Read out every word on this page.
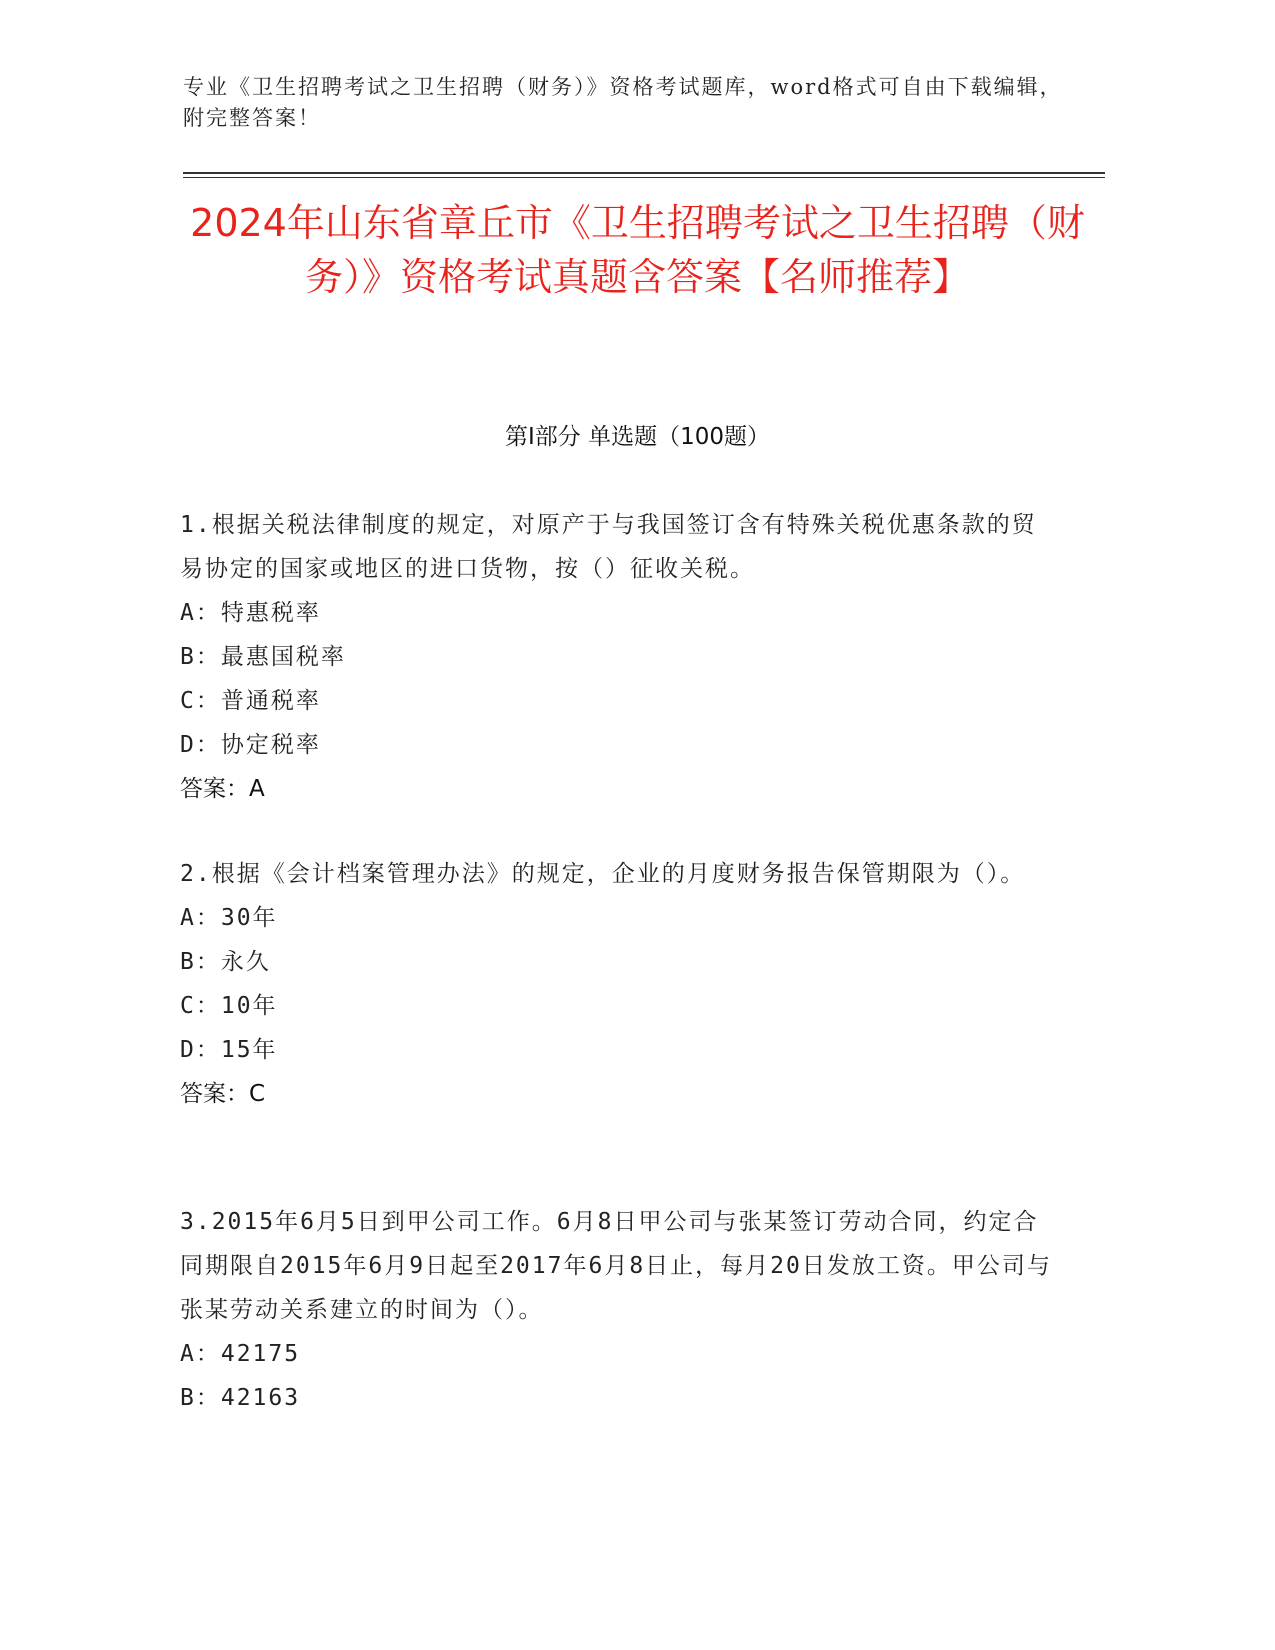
专业《卫生招聘考试之卫生招聘（财务）》资格考试题库，word格式可自由下载编辑，附完整答案！
2024年山东省章丘市《卫生招聘考试之卫生招聘（财务）》资格考试真题含答案【名师推荐】
第I部分 单选题（100题）
1.根据关税法律制度的规定，对原产于与我国签订含有特殊关税优惠条款的贸易协定的国家或地区的进口货物，按（）征收关税。
A：特惠税率
B：最惠国税率
C：普通税率
D：协定税率
答案：A
2.根据《会计档案管理办法》的规定，企业的月度财务报告保管期限为（）。
A：30年
B：永久
C：10年
D：15年
答案：C
3.2015年6月5日到甲公司工作。6月8日甲公司与张某签订劳动合同，约定合同期限自2015年6月9日起至2017年6月8日止，每月20日发放工资。甲公司与张某劳动关系建立的时间为（）。
A：42175
B：42163
